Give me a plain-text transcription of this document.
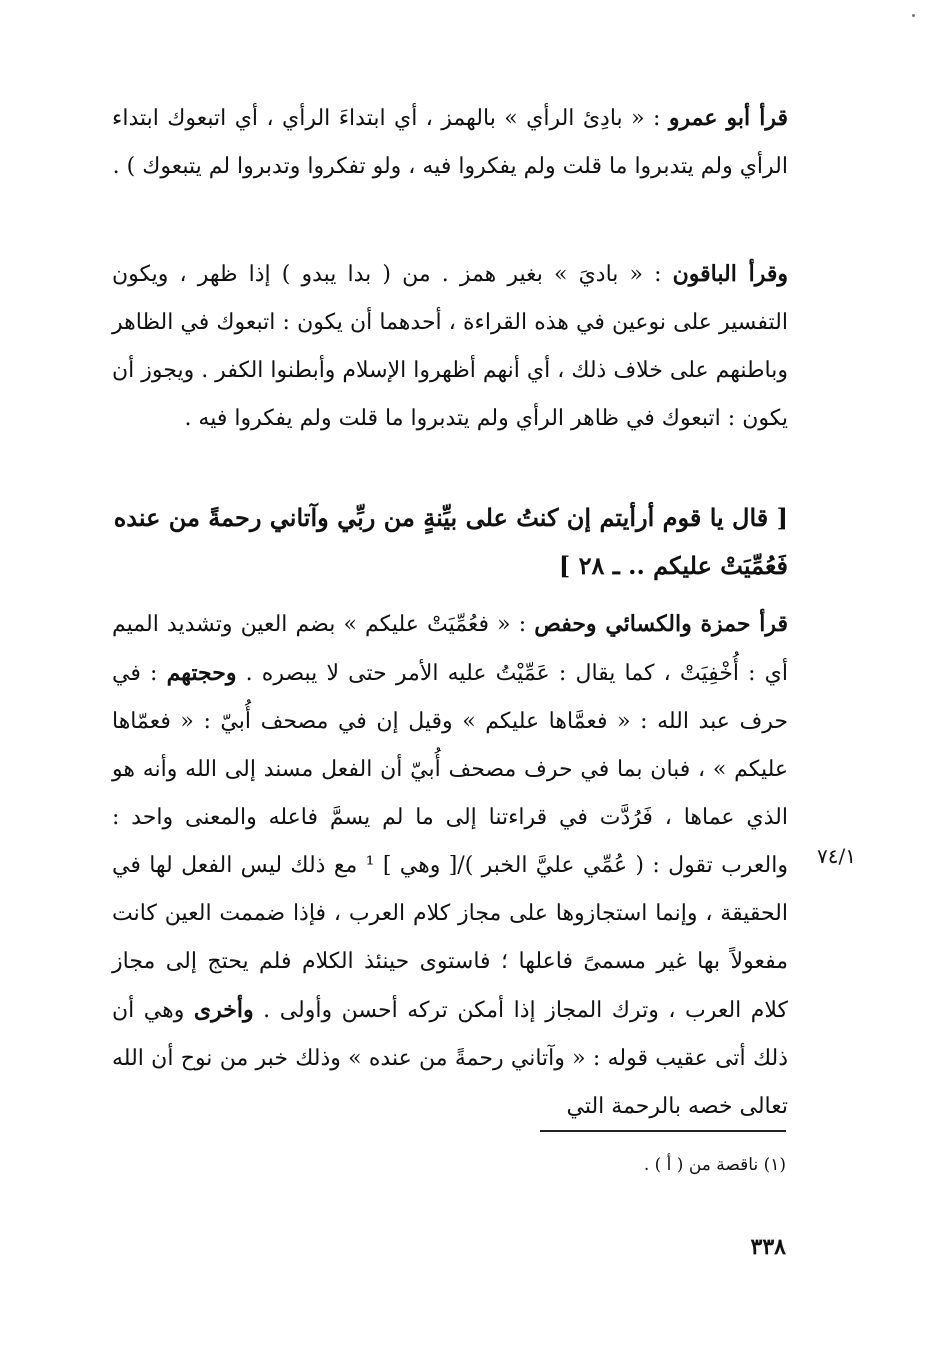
قرأ أبو عمرو : « بادِئ الرأي » بالهمز ، أي ابتداءَ الرأي ، أي اتبعوك ابتداء الرأي ولم يتدبروا ما قلت ولم يفكروا فيه ، ولو تفكروا وتدبروا لم يتبعوك ) .

وقرأ الباقون : « باديَ » بغير همز . من ( بدا يبدو ) إذا ظهر ، ويكون التفسير على نوعين في هذه القراءة ، أحدهما أن يكون : اتبعوك في الظاهر وباطنهم على خلاف ذلك ، أي أنهم أظهروا الإسلام وأبطنوا الكفر . ويجوز أن يكون : اتبعوك في ظاهر الرأي ولم يتدبروا ما قلت ولم يفكروا فيه .

[ قال يا قوم أرأيتم إن كنتُ على بيِّنةٍ من ربِّي وآتاني رحمةً من عنده فَعُمِّيَتْ عليكم .. ـ ٢٨ ]

قرأ حمزة والكسائي وحفص : « فعُمِّيَتْ عليكم » بضم العين وتشديد الميم أي : أُخْفِيَتْ ، كما يقال : عَمِّيْتُ عليه الأمر حتى لا يبصره . وحجتهم : في حرف عبد الله : « فعمَّاها عليكم » وقيل إن في مصحف أُبيّ : « فعمّاها عليكم » ، فبان بما في حرف مصحف أُبيّ أن الفعل مسند إلى الله وأنه هو الذي عماها ، فَرُدَّت في قراءتنا إلى ما لم يسمَّ فاعله والمعنى واحد : والعرب تقول : ( عُمِّي عليَّ الخبر )/[ وهي ] ¹ مع ذلك ليس الفعل لها في الحقيقة ، وإنما استجازوها على مجاز كلام العرب ، فإذا ضممت العين كانت مفعولاً بها غير مسمىً فاعلها ؛ فاستوى حينئذ الكلام فلم يحتج إلى مجاز كلام العرب ، وترك المجاز إذا أمكن تركه أحسن وأولى . وأخرى وهي أن ذلك أتى عقيب قوله : « وآتاني رحمةً من عنده » وذلك خبر من نوح أن الله تعالى خصه بالرحمة التي

٧٤/١
(١) ناقصة من ( أ ) .
٣٣٨
